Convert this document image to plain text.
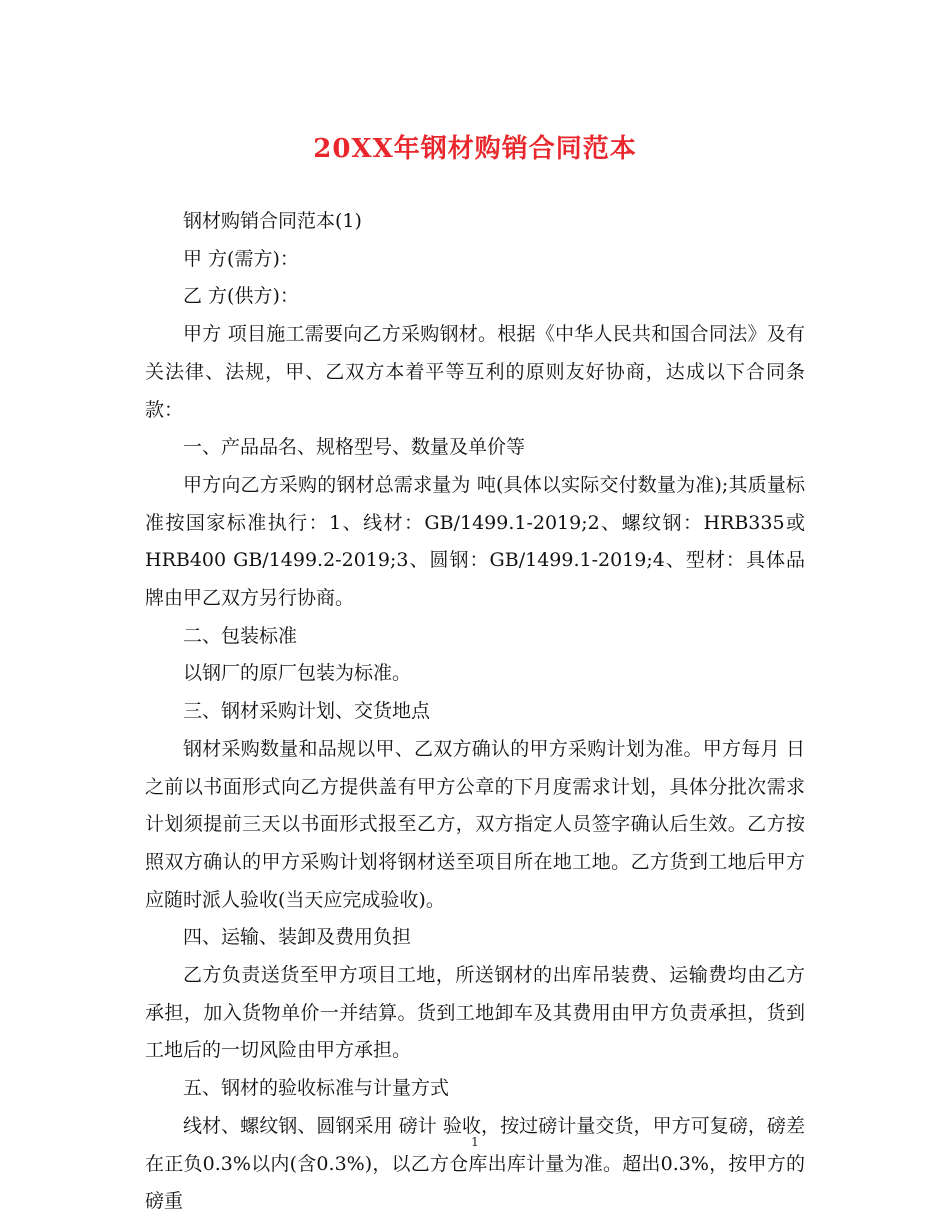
20XX年钢材购销合同范本

钢材购销合同范本(1)

甲 方(需方)：

乙 方(供方)：

甲方 项目施工需要向乙方采购钢材。根据《中华人民共和国合同法》及有关法律、法规，甲、乙双方本着平等互利的原则友好协商，达成以下合同条款：

一、产品品名、规格型号、数量及单价等

甲方向乙方采购的钢材总需求量为 吨(具体以实际交付数量为准);其质量标准按国家标准执行：1、线材：GB/1499.1-2019;2、螺纹钢：HRB335或HRB400 GB/1499.2-2019;3、圆钢：GB/1499.1-2019;4、型材：具体品牌由甲乙双方另行协商。

二、包装标准

以钢厂的原厂包装为标准。

三、钢材采购计划、交货地点

钢材采购数量和品规以甲、乙双方确认的甲方采购计划为准。甲方每月 日之前以书面形式向乙方提供盖有甲方公章的下月度需求计划，具体分批次需求计划须提前三天以书面形式报至乙方，双方指定人员签字确认后生效。乙方按照双方确认的甲方采购计划将钢材送至项目所在地工地。乙方货到工地后甲方应随时派人验收(当天应完成验收)。

四、运输、装卸及费用负担

乙方负责送货至甲方项目工地，所送钢材的出库吊装费、运输费均由乙方承担，加入货物单价一并结算。货到工地卸车及其费用由甲方负责承担，货到工地后的一切风险由甲方承担。

五、钢材的验收标准与计量方式

线材、螺纹钢、圆钢采用 磅计 验收，按过磅计量交货，甲方可复磅，磅差在正负0.3%以内(含0.3%)，以乙方仓库出库计量为准。超出0.3%，按甲方的磅重

1
